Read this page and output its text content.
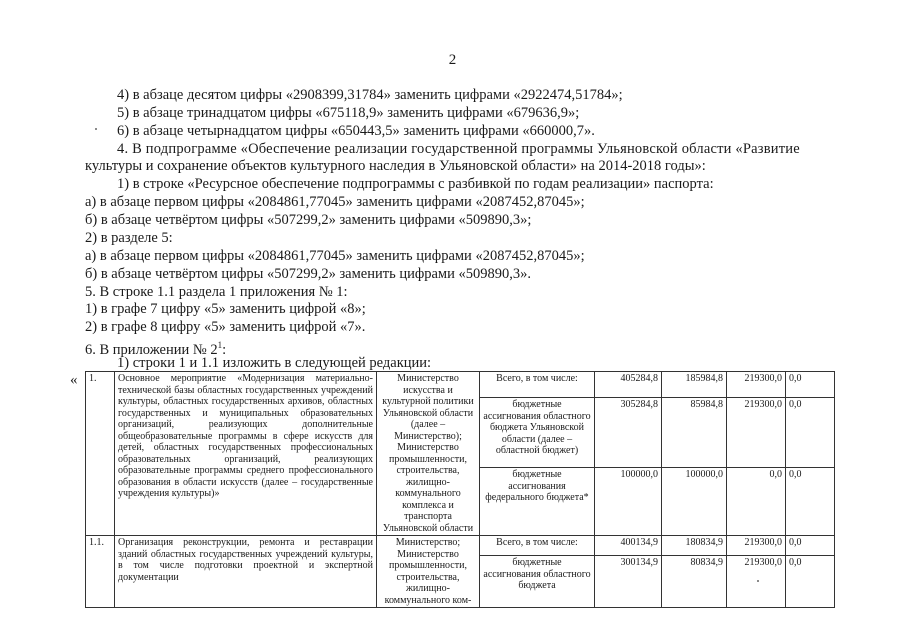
2
4) в абзаце десятом цифры «2908399,31784» заменить цифрами «2922474,51784»;
5) в абзаце тринадцатом цифры «675118,9» заменить цифрами «679636,9»;
6) в абзаце четырнадцатом цифры «650443,5» заменить цифрами «660000,7».
4. В подпрограмме «Обеспечение реализации государственной программы Ульяновской области «Развитие
культуры и сохранение объектов культурного наследия в Ульяновской области» на 2014-2018 годы»:
1) в строке «Ресурсное обеспечение подпрограммы с разбивкой по годам реализации» паспорта:
а) в абзаце первом цифры «2084861,77045» заменить цифрами «2087452,87045»;
б) в абзаце четвёртом цифры «507299,2» заменить цифрами «509890,3»;
2) в разделе 5:
а) в абзаце первом цифры «2084861,77045» заменить цифрами «2087452,87045»;
б) в абзаце четвёртом цифры «507299,2» заменить цифрами «509890,3».
5. В строке 1.1 раздела 1 приложения № 1:
1) в графе 7 цифру «5» заменить цифрой «8»;
2) в графе 8 цифру «5» заменить цифрой «7».
6. В приложении № $2^1$:
1) строки 1 и 1.1 изложить в следующей редакции:
« 1.	Основное мероприятие «Модернизация материально-технической базы областных государственных учреждений культуры, областных государственных архивов, областных государственных и муниципальных образовательных организаций, реализующих дополнительные общеобразовательные программы в сфере искусств для детей, областных государственных профессиональных образовательных организаций, реализующих образовательные программы среднего профессионального образования в области искусств (далее – государственные учреждения культуры)»	Министерство искусства и культурной политики Ульяновской области (далее – Министерство); Министерство промышленности, строительства, жилищно-коммунального комплекса и транспорта Ульяновской области	Всего, в том числе:	405284,8	185984,8	219300,0	0,0
			бюджетные ассигнования областного бюджета Ульяновской области (далее – областной бюджет)	305284,8	85984,8	219300,0	0,0
			бюджетные ассигнования федерального бюджета*	100000,0	100000,0	0,0	0,0
1.1.	Организация реконструкции, ремонта и реставрации зданий областных государственных учреждений культуры, в том числе подготовки проектной и экспертной документации	Министерство; Министерство промышленности, строительства, жилищно-коммунального ком-	Всего, в том числе:	400134,9	180834,9	219300,0	0,0
			бюджетные ассигнования областного бюджета	300134,9	80834,9	219300,0	0,0
